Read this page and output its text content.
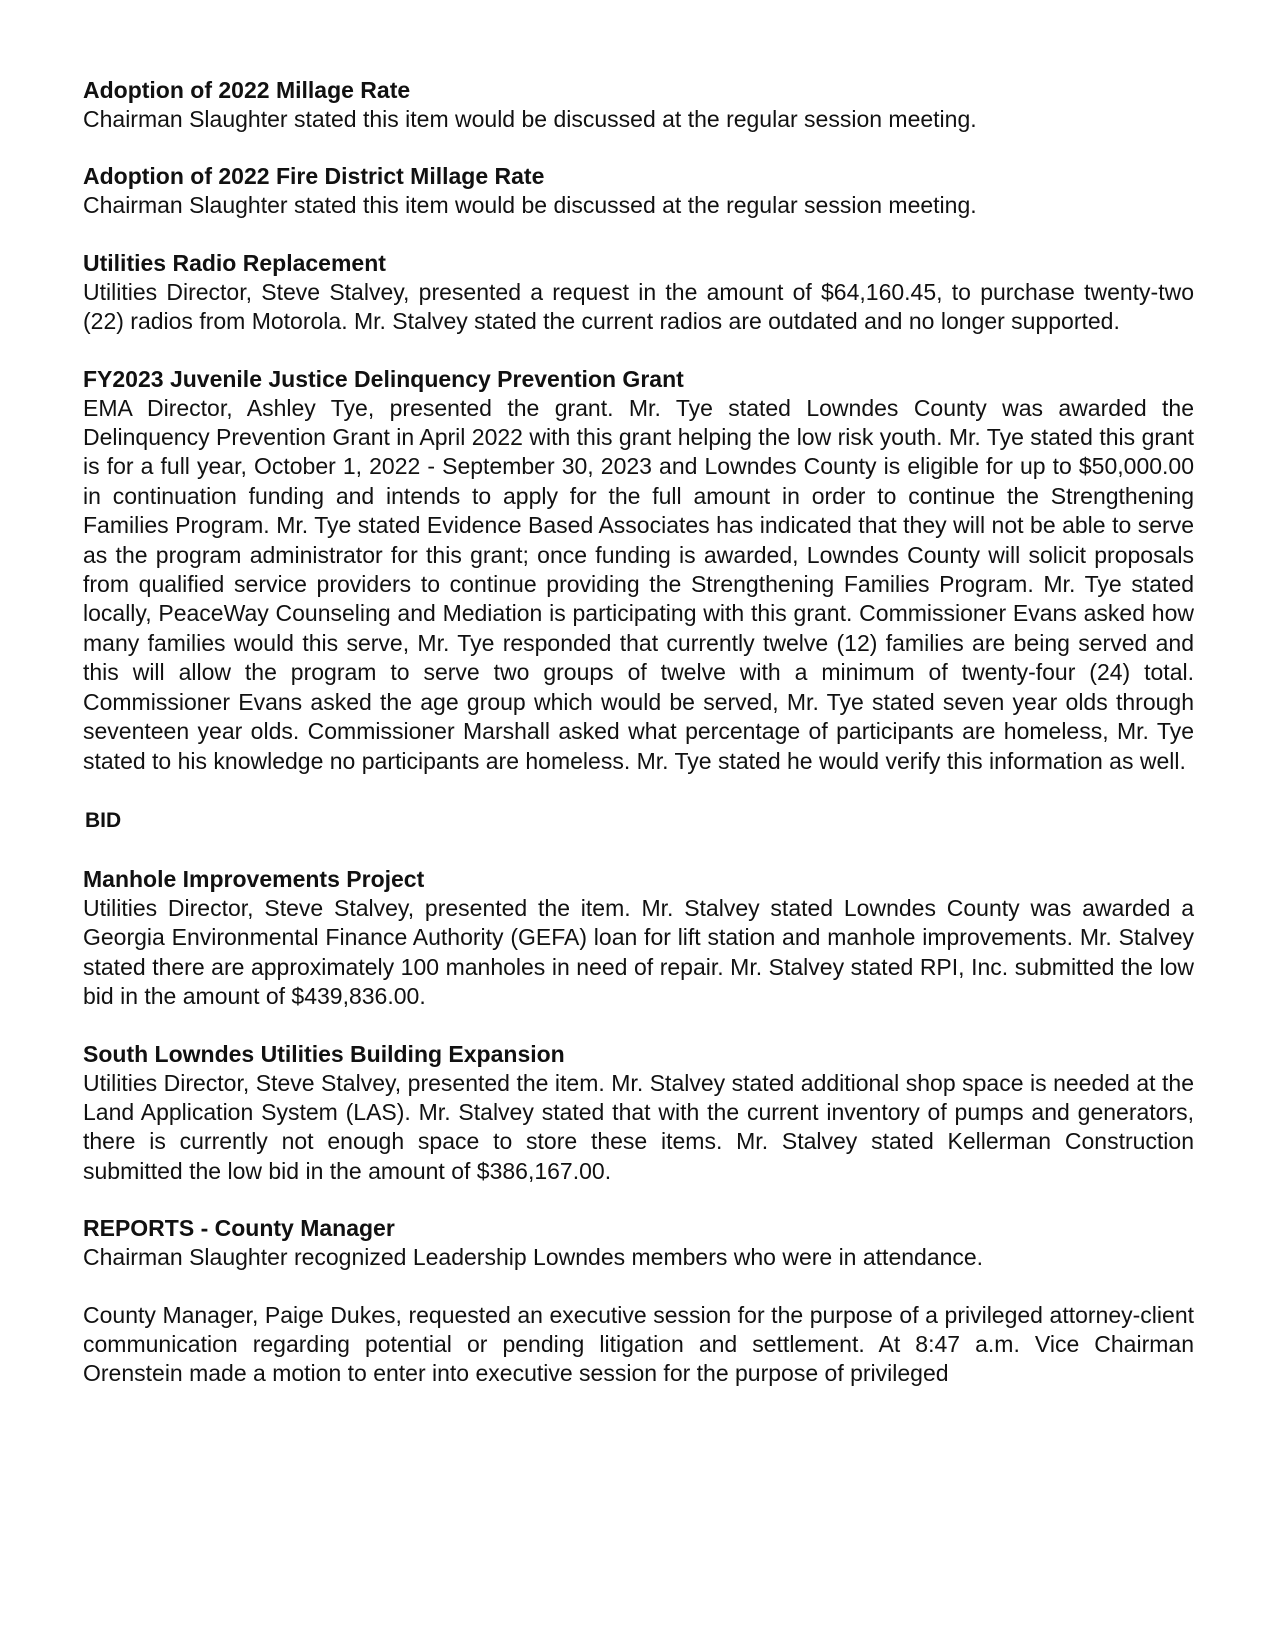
Adoption of 2022 Millage Rate

Chairman Slaughter stated this item would be discussed at the regular session meeting.

Adoption of 2022 Fire District Millage Rate

Chairman Slaughter stated this item would be discussed at the regular session meeting.

Utilities Radio Replacement

Utilities Director, Steve Stalvey, presented a request in the amount of $64,160.45, to purchase twenty-two (22) radios from Motorola. Mr. Stalvey stated the current radios are outdated and no longer supported.

FY2023 Juvenile Justice Delinquency Prevention Grant

EMA Director, Ashley Tye, presented the grant. Mr. Tye stated Lowndes County was awarded the Delinquency Prevention Grant in April 2022 with this grant helping the low risk youth. Mr. Tye stated this grant is for a full year, October 1, 2022 - September 30, 2023 and Lowndes County is eligible for up to $50,000.00 in continuation funding and intends to apply for the full amount in order to continue the Strengthening Families Program. Mr. Tye stated Evidence Based Associates has indicated that they will not be able to serve as the program administrator for this grant; once funding is awarded, Lowndes County will solicit proposals from qualified service providers to continue providing the Strengthening Families Program. Mr. Tye stated locally, PeaceWay Counseling and Mediation is participating with this grant. Commissioner Evans asked how many families would this serve, Mr. Tye responded that currently twelve (12) families are being served and this will allow the program to serve two groups of twelve with a minimum of twenty-four (24) total. Commissioner Evans asked the age group which would be served, Mr. Tye stated seven year olds through seventeen year olds. Commissioner Marshall asked what percentage of participants are homeless, Mr. Tye stated to his knowledge no participants are homeless. Mr. Tye stated he would verify this information as well.

BID

Manhole Improvements Project

Utilities Director, Steve Stalvey, presented the item. Mr. Stalvey stated Lowndes County was awarded a Georgia Environmental Finance Authority (GEFA) loan for lift station and manhole improvements. Mr. Stalvey stated there are approximately 100 manholes in need of repair. Mr. Stalvey stated RPI, Inc. submitted the low bid in the amount of $439,836.00.

South Lowndes Utilities Building Expansion

Utilities Director, Steve Stalvey, presented the item. Mr. Stalvey stated additional shop space is needed at the Land Application System (LAS). Mr. Stalvey stated that with the current inventory of pumps and generators, there is currently not enough space to store these items. Mr. Stalvey stated Kellerman Construction submitted the low bid in the amount of $386,167.00.

REPORTS - County Manager

Chairman Slaughter recognized Leadership Lowndes members who were in attendance.

County Manager, Paige Dukes, requested an executive session for the purpose of a privileged attorney-client communication regarding potential or pending litigation and settlement. At 8:47 a.m. Vice Chairman Orenstein made a motion to enter into executive session for the purpose of privileged
